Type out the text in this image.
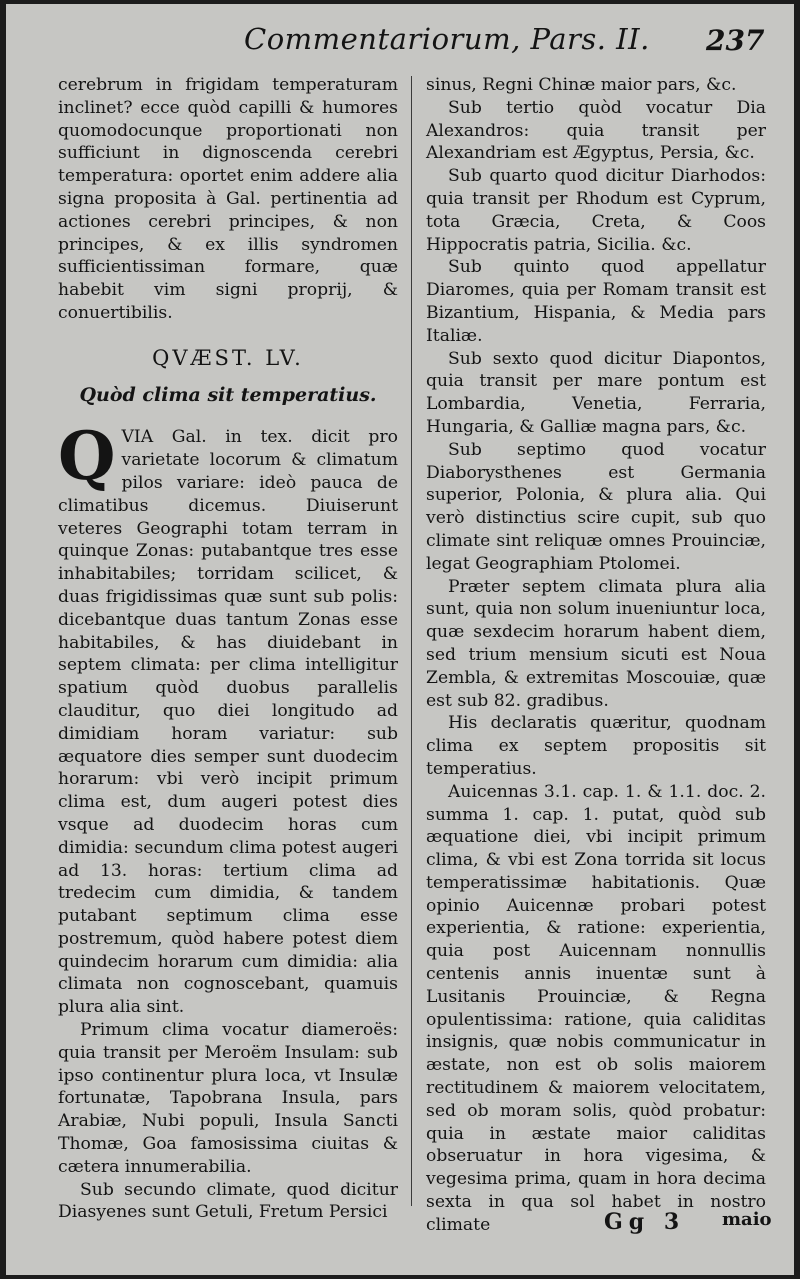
Commentariorum, Pars. II. 237

cerebrum in frigidam temperaturam inclinet? ecce quòd capilli & humores quomodocunque proportionati non sufficiunt in dignoscenda cerebri temperatura: oportet enim addere alia signa proposita à Gal. pertinentia ad actiones cerebri principes, & non principes, & ex illis syndromen sufficientissiman formare, quæ habebit vim signi proprij, & conuertibilis.

QVÆST. LV.
Quòd clima sit temperatius.

QVIA Gal. in tex. dicit pro varietate locorum & climatum pilos variare: ideò pauca de climatibus dicemus. Diuiserunt veteres Geographi totam terram in quinque Zonas: putabantque tres esse inhabitabiles; torridam scilicet, & duas frigidissimas quæ sunt sub polis: dicebantque duas tantum Zonas esse habitabiles, & has diuidebant in septem climata: per clima intelligitur spatium quòd duobus parallelis clauditur, quo diei longitudo ad dimidiam horam variatur: sub æquatore dies semper sunt duodecim horarum: vbi verò incipit primum clima est, dum augeri potest dies vsque ad duodecim horas cum dimidia: secundum clima potest augeri ad 13. horas: tertium clima ad tredecim cum dimidia, & tandem putabant septimum clima esse postremum, quòd habere potest diem quindecim horarum cum dimidia: alia climata non cognoscebant, quamuis plura alia sint.

Primum clima vocatur diameroës: quia transit per Meroëm Insulam: sub ipso continentur plura loca, vt Insulæ fortunatæ, Tapobrana Insula, pars Arabiæ, Nubi populi, Insula Sancti Thomæ, Goa famosissima ciuitas & cætera innumerabilia.

Sub secundo climate, quod dicitur Diasyenes sunt Getuli, Fretum Persici

sinus, Regni Chinæ maior pars, &c.

Sub tertio quòd vocatur Dia Alexandros: quia transit per Alexandriam est Ægyptus, Persia, &c.

Sub quarto quod dicitur Diarhodos: quia transit per Rhodum est Cyprum, tota Græcia, Creta, & Coos Hippocratis patria, Sicilia. &c.

Sub quinto quod appellatur Diaromes, quia per Romam transit est Bizantium, Hispania, & Media pars Italiæ.

Sub sexto quod dicitur Diapontos, quia transit per mare pontum est Lombardia, Venetia, Ferraria, Hungaria, & Galliæ magna pars, &c.

Sub septimo quod vocatur Diaborysthenes est Germania superior, Polonia, & plura alia. Qui verò distinctius scire cupit, sub quo climate sint reliquæ omnes Prouinciæ, legat Geographiam Ptolomei.

Præter septem climata plura alia sunt, quia non solum inueniuntur loca, quæ sexdecim horarum habent diem, sed trium mensium sicuti est Noua Zembla, & extremitas Moscouiæ, quæ est sub 82. gradibus.

His declaratis quæritur, quodnam clima ex septem propositis sit temperatius.

Auicennas 3.1. cap. 1. & 1.1. doc. 2. summa 1. cap. 1. putat, quòd sub æquatione diei, vbi incipit primum clima, & vbi est Zona torrida sit locus temperatissimæ habitationis. Quæ opinio Auicennæ probari potest experientia, & ratione: experientia, quia post Auicennam nonnullis centenis annis inuentæ sunt à Lusitanis Prouinciæ, & Regna opulentissima: ratione, quia caliditas insignis, quæ nobis communicatur in æstate, non est ob solis maiorem rectitudinem & maiorem velocitatem, sed ob moram solis, quòd probatur: quia in æstate maior caliditas obseruatur in hora vigesima, & vegesima prima, quam in hora decima sexta in qua sol habet in nostro climate	Gg 3 maio
